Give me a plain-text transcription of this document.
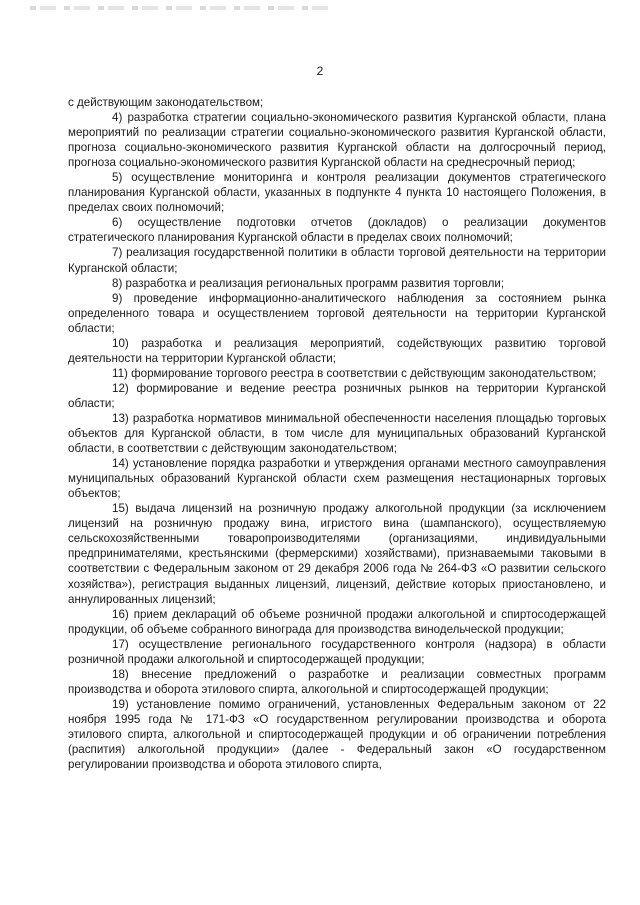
2

с действующим законодательством;

4) разработка стратегии социально-экономического развития Курганской области, плана мероприятий по реализации стратегии социально-экономического развития Курганской области, прогноза социально-экономического развития Курганской области на долгосрочный период, прогноза социально-экономического развития Курганской области на среднесрочный период;

5) осуществление мониторинга и контроля реализации документов стратегического планирования Курганской области, указанных в подпункте 4 пункта 10 настоящего Положения, в пределах своих полномочий;

6) осуществление подготовки отчетов (докладов) о реализации документов стратегического планирования Курганской области в пределах своих полномочий;

7) реализация государственной политики в области торговой деятельности на территории Курганской области;

8) разработка и реализация региональных программ развития торговли;

9) проведение информационно-аналитического наблюдения за состоянием рынка определенного товара и осуществлением торговой деятельности на территории Курганской области;

10) разработка и реализация мероприятий, содействующих развитию торговой деятельности на территории Курганской области;

11) формирование торгового реестра в соответствии с действующим законодательством;

12) формирование и ведение реестра розничных рынков на территории Курганской области;

13) разработка нормативов минимальной обеспеченности населения площадью торговых объектов для Курганской области, в том числе для муниципальных образований Курганской области, в соответствии с действующим законодательством;

14) установление порядка разработки и утверждения органами местного самоуправления муниципальных образований Курганской области схем размещения нестационарных торговых объектов;

15) выдача лицензий на розничную продажу алкогольной продукции (за исключением лицензий на розничную продажу вина, игристого вина (шампанского), осуществляемую сельскохозяйственными товаропроизводителями (организациями, индивидуальными предпринимателями, крестьянскими (фермерскими) хозяйствами), признаваемыми таковыми в соответствии с Федеральным законом от 29 декабря 2006 года № 264-ФЗ «О развитии сельского хозяйства»), регистрация выданных лицензий, лицензий, действие которых приостановлено, и аннулированных лицензий;

16) прием деклараций об объеме розничной продажи алкогольной и спиртосодержащей продукции, об объеме собранного винограда для производства винодельческой продукции;

17) осуществление регионального государственного контроля (надзора) в области розничной продажи алкогольной и спиртосодержащей продукции;

18) внесение предложений о разработке и реализации совместных программ производства и оборота этилового спирта, алкогольной и спиртосодержащей продукции;

19) установление помимо ограничений, установленных Федеральным законом от 22 ноября 1995 года № 171-ФЗ «О государственном регулировании производства и оборота этилового спирта, алкогольной и спиртосодержащей продукции и об ограничении потребления (распития) алкогольной продукции» (далее - Федеральный закон «О государственном регулировании производства и оборота этилового спирта,
